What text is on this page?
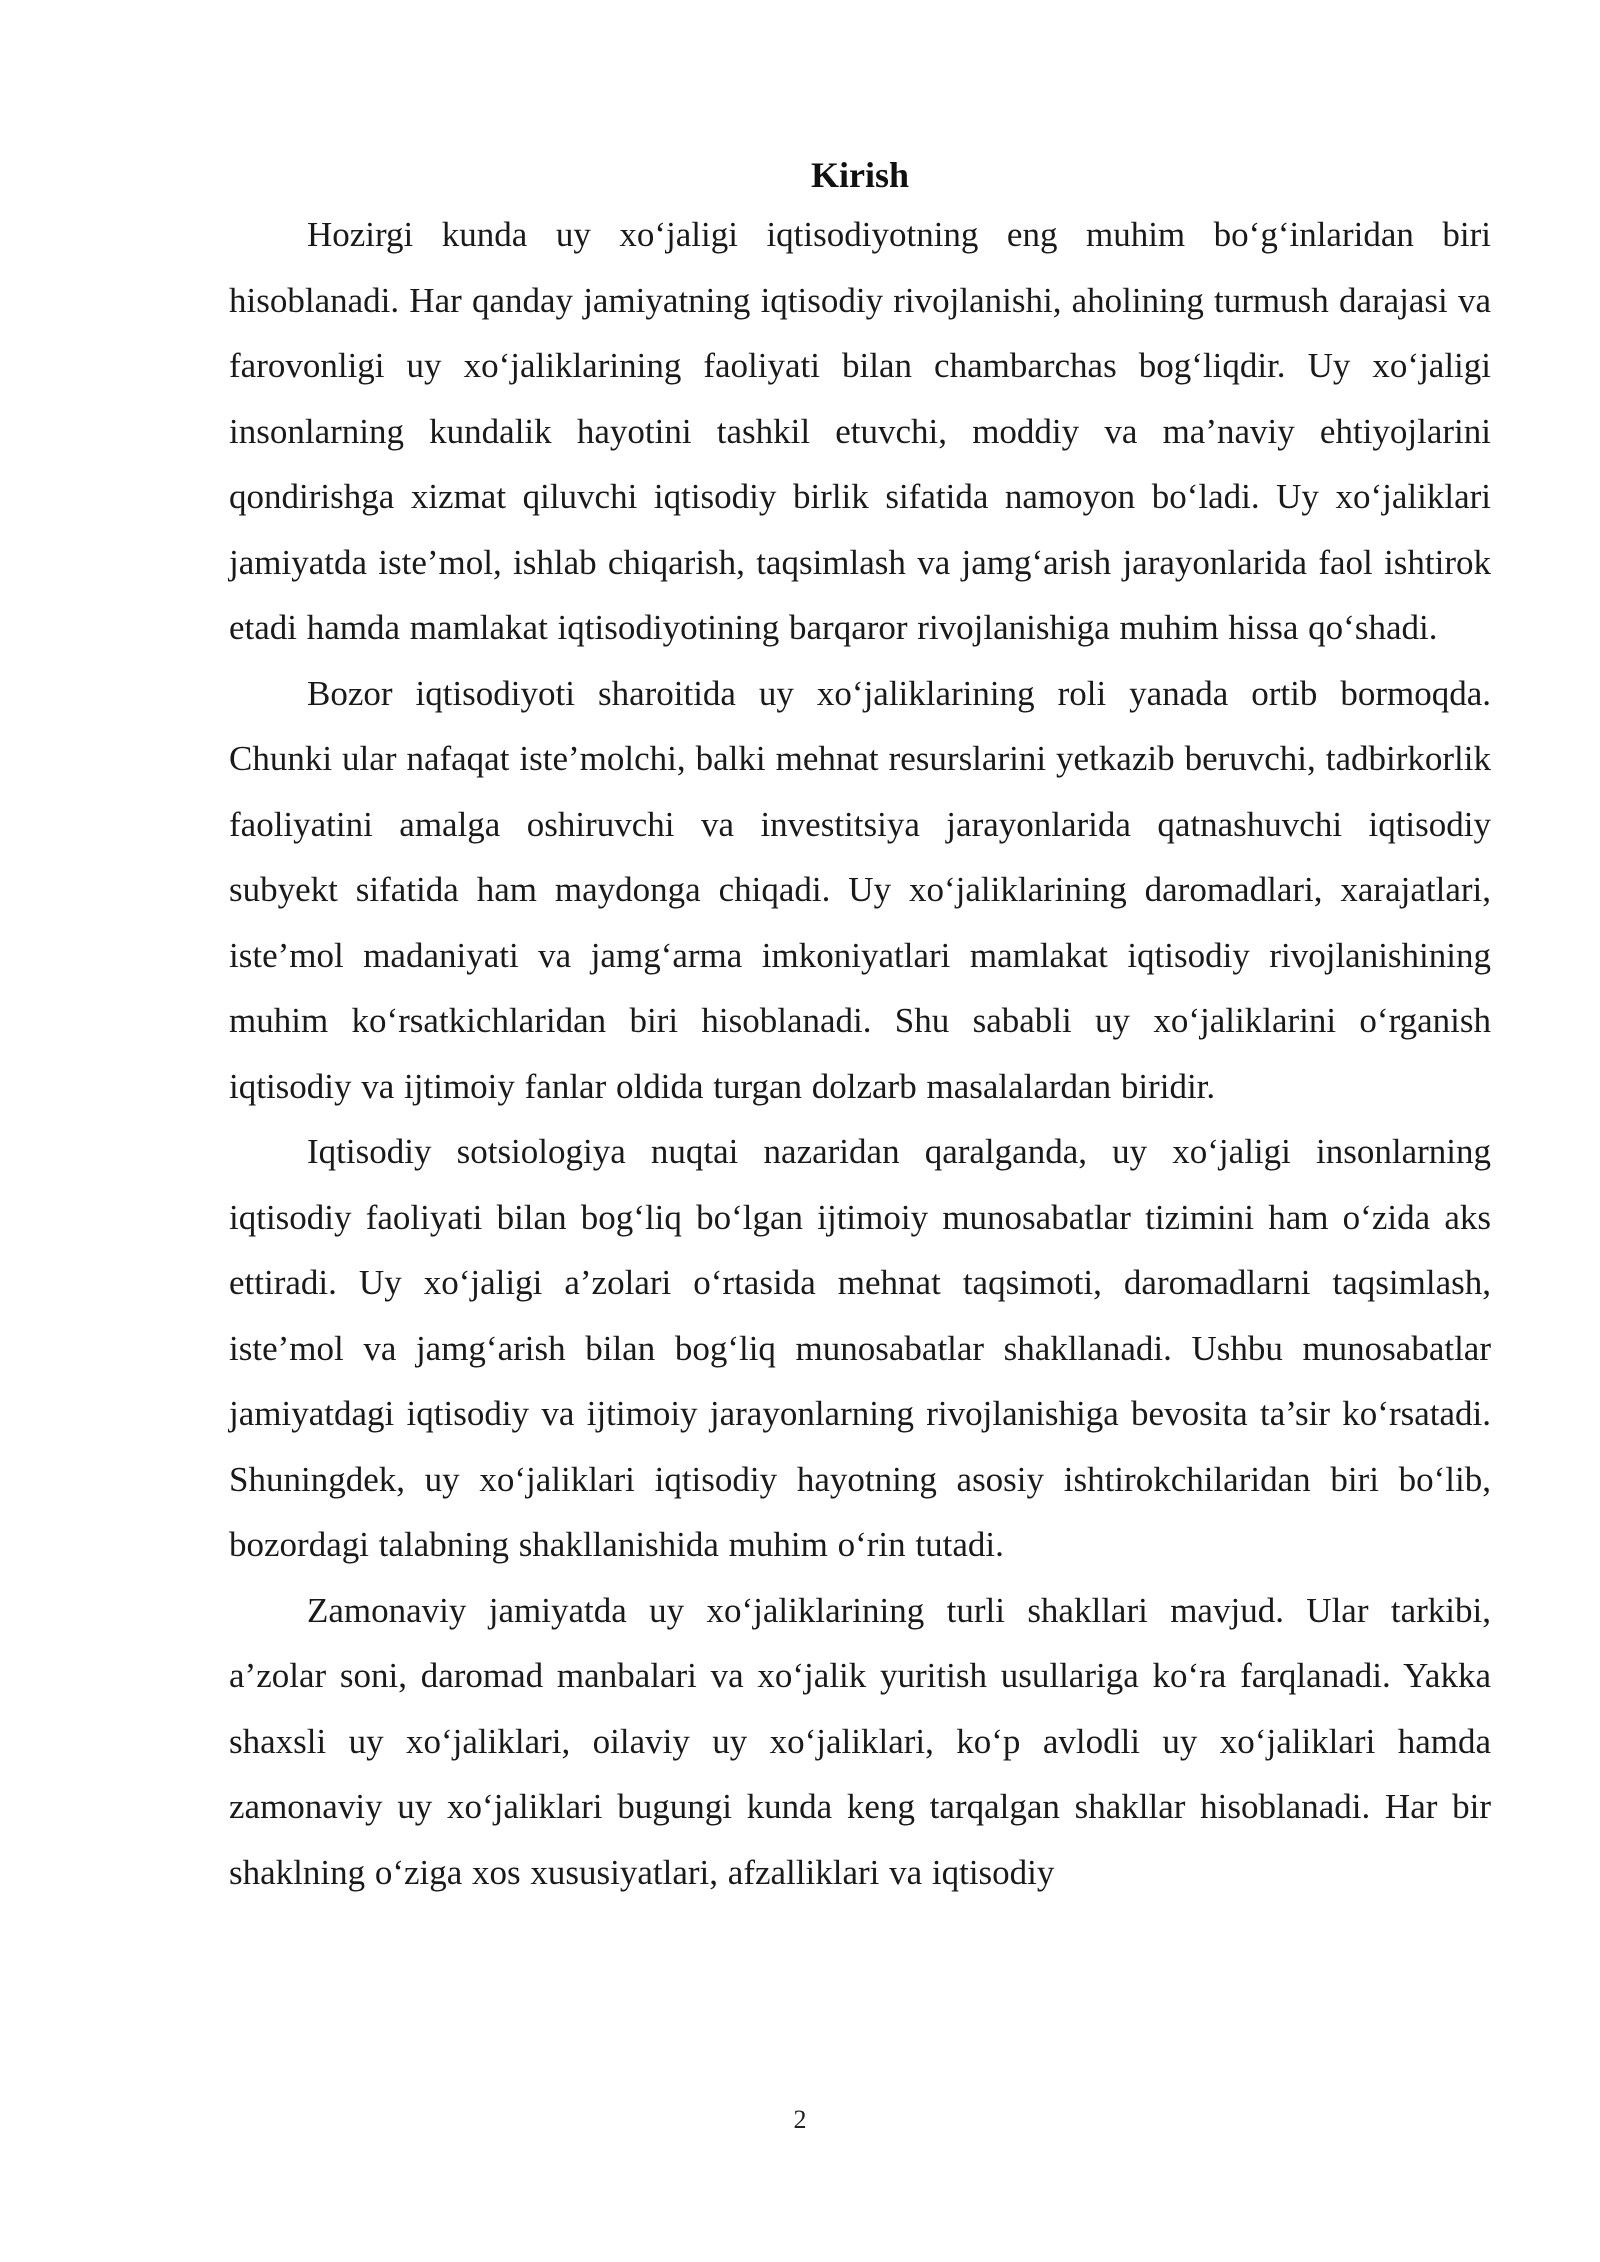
Kirish

Hozirgi kunda uy xo‘jaligi iqtisodiyotning eng muhim bo‘g‘inlaridan biri hisoblanadi. Har qanday jamiyatning iqtisodiy rivojlanishi, aholining turmush darajasi va farovonligi uy xo‘jaliklarining faoliyati bilan chambarchas bog‘liqdir. Uy xo‘jaligi insonlarning kundalik hayotini tashkil etuvchi, moddiy va ma’naviy ehtiyojlarini qondirishga xizmat qiluvchi iqtisodiy birlik sifatida namoyon bo‘ladi. Uy xo‘jaliklari jamiyatda iste’mol, ishlab chiqarish, taqsimlash va jamg‘arish jarayonlarida faol ishtirok etadi hamda mamlakat iqtisodiyotining barqaror rivojlanishiga muhim hissa qo‘shadi.

Bozor iqtisodiyoti sharoitida uy xo‘jaliklarining roli yanada ortib bormoqda. Chunki ular nafaqat iste’molchi, balki mehnat resurslarini yetkazib beruvchi, tadbirkorlik faoliyatini amalga oshiruvchi va investitsiya jarayonlarida qatnashuvchi iqtisodiy subyekt sifatida ham maydonga chiqadi. Uy xo‘jaliklarining daromadlari, xarajatlari, iste’mol madaniyati va jamg‘arma imkoniyatlari mamlakat iqtisodiy rivojlanishining muhim ko‘rsatkichlaridan biri hisoblanadi. Shu sababli uy xo‘jaliklarini o‘rganish iqtisodiy va ijtimoiy fanlar oldida turgan dolzarb masalalardan biridir.

Iqtisodiy sotsiologiya nuqtai nazaridan qaralganda, uy xo‘jaligi insonlarning iqtisodiy faoliyati bilan bog‘liq bo‘lgan ijtimoiy munosabatlar tizimini ham o‘zida aks ettiradi. Uy xo‘jaligi a’zolari o‘rtasida mehnat taqsimoti, daromadlarni taqsimlash, iste’mol va jamg‘arish bilan bog‘liq munosabatlar shakllanadi. Ushbu munosabatlar jamiyatdagi iqtisodiy va ijtimoiy jarayonlarning rivojlanishiga bevosita ta’sir ko‘rsatadi. Shuningdek, uy xo‘jaliklari iqtisodiy hayotning asosiy ishtirokchilaridan biri bo‘lib, bozordagi talabning shakllanishida muhim o‘rin tutadi.

Zamonaviy jamiyatda uy xo‘jaliklarining turli shakllari mavjud. Ular tarkibi, a’zolar soni, daromad manbalari va xo‘jalik yuritish usullariga ko‘ra farqlanadi. Yakka shaxsli uy xo‘jaliklari, oilaviy uy xo‘jaliklari, ko‘p avlodli uy xo‘jaliklari hamda zamonaviy uy xo‘jaliklari bugungi kunda keng tarqalgan shakllar hisoblanadi. Har bir shaklning o‘ziga xos xususiyatlari, afzalliklari va iqtisodiy

2
